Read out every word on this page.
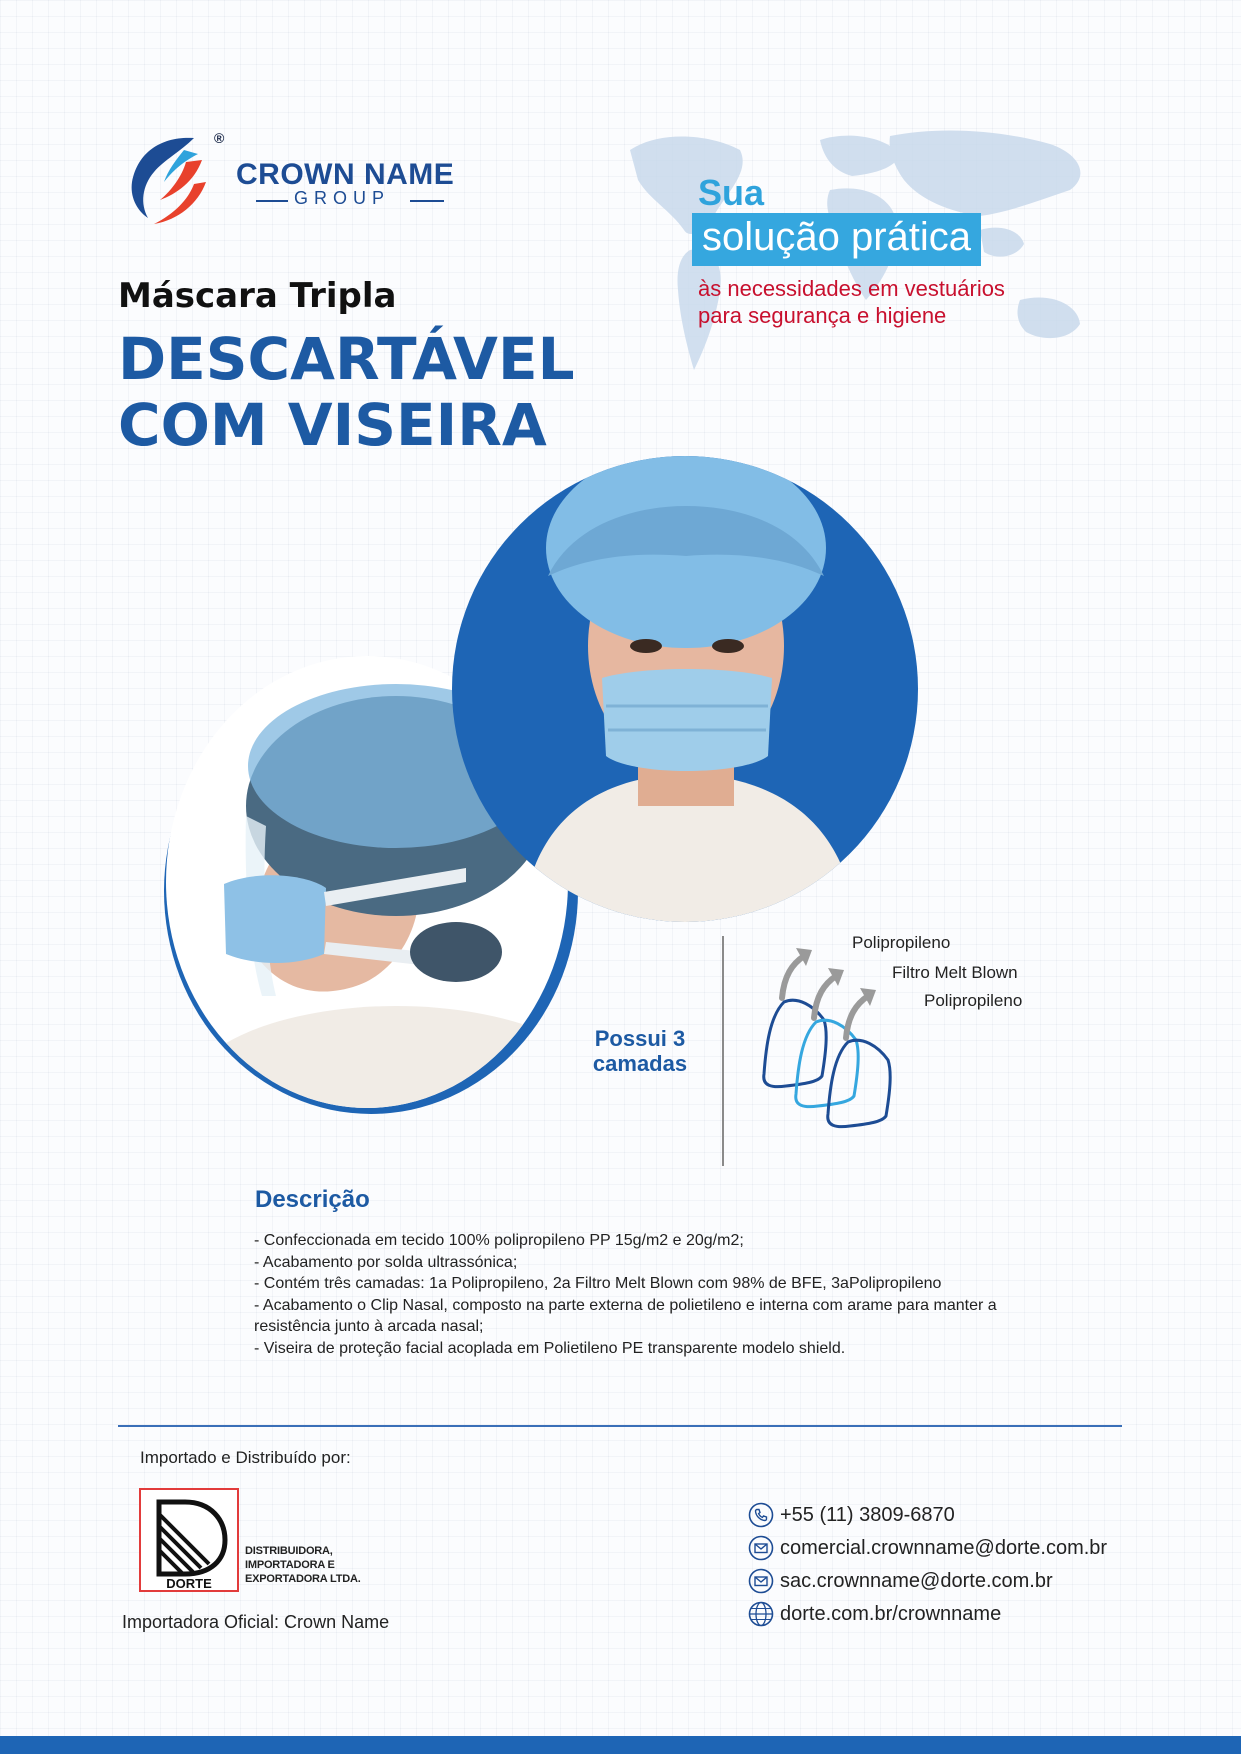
®
CROWN NAME
GROUP
Máscara Tripla
DESCARTÁVEL
COM VISEIRA
Sua
solução prática
às necessidades em vestuários
para segurança e higiene
Possui 3
camadas
Polipropileno
Filtro Melt Blown
Polipropileno
Descrição
- Confeccionada em tecido 100% polipropileno PP 15g/m2 e 20g/m2;
- Acabamento por solda ultrassónica;
- Contém três camadas: 1a Polipropileno, 2a Filtro Melt Blown com 98% de BFE, 3aPolipropileno
- Acabamento o Clip Nasal, composto na parte externa de polietileno e interna com arame para manter a resistência junto à arcada nasal;
- Viseira de proteção facial acoplada em Polietileno PE transparente modelo shield.
Importado e Distribuído por:
DORTE
DISTRIBUIDORA,
IMPORTADORA E
EXPORTADORA LTDA.
Importadora Oficial: Crown Name
+55 (11) 3809-6870
comercial.crownname@dorte.com.br
sac.crownname@dorte.com.br
dorte.com.br/crownname
